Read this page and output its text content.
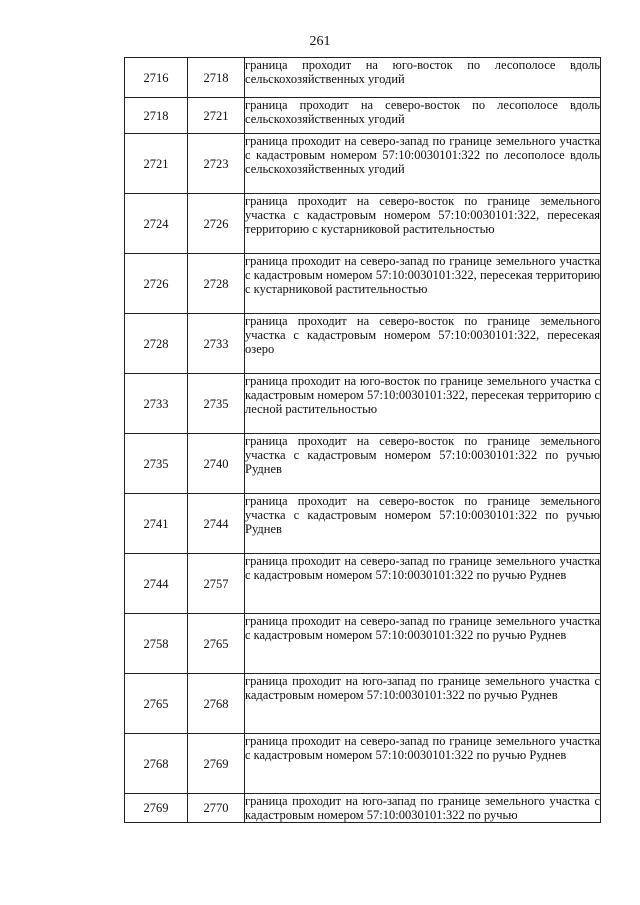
261
2716	2718	граница проходит на юго-восток по лесополосе вдоль сельскохозяйственных угодий
2718	2721	граница проходит на северо-восток по лесополосе вдоль сельскохозяйственных угодий
2721	2723	граница проходит на северо-запад по границе земельного участка с кадастровым номером 57:10:0030101:322 по лесополосе вдоль сельскохозяйственных угодий
2724	2726	граница проходит на северо-восток по границе земельного участка с кадастровым номером 57:10:0030101:322, пересекая территорию с кустарниковой растительностью
2726	2728	граница проходит на северо-запад по границе земельного участка с кадастровым номером 57:10:0030101:322, пересекая территорию с кустарниковой растительностью
2728	2733	граница проходит на северо-восток по границе земельного участка с кадастровым номером 57:10:0030101:322, пересекая озеро
2733	2735	граница проходит на юго-восток по границе земельного участка с кадастровым номером 57:10:0030101:322, пересекая территорию с лесной растительностью
2735	2740	граница проходит на северо-восток по границе земельного участка с кадастровым номером 57:10:0030101:322 по ручью Руднев
2741	2744	граница проходит на северо-восток по границе земельного участка с кадастровым номером 57:10:0030101:322 по ручью Руднев
2744	2757	граница проходит на северо-запад по границе земельного участка с кадастровым номером 57:10:0030101:322 по ручью Руднев
2758	2765	граница проходит на северо-запад по границе земельного участка с кадастровым номером 57:10:0030101:322 по ручью Руднев
2765	2768	граница проходит на юго-запад по границе земельного участка с кадастровым номером 57:10:0030101:322 по ручью Руднев
2768	2769	граница проходит на северо-запад по границе земельного участка с кадастровым номером 57:10:0030101:322 по ручью Руднев
2769	2770	граница проходит на юго-запад по границе земельного участка с кадастровым номером 57:10:0030101:322 по ручью
